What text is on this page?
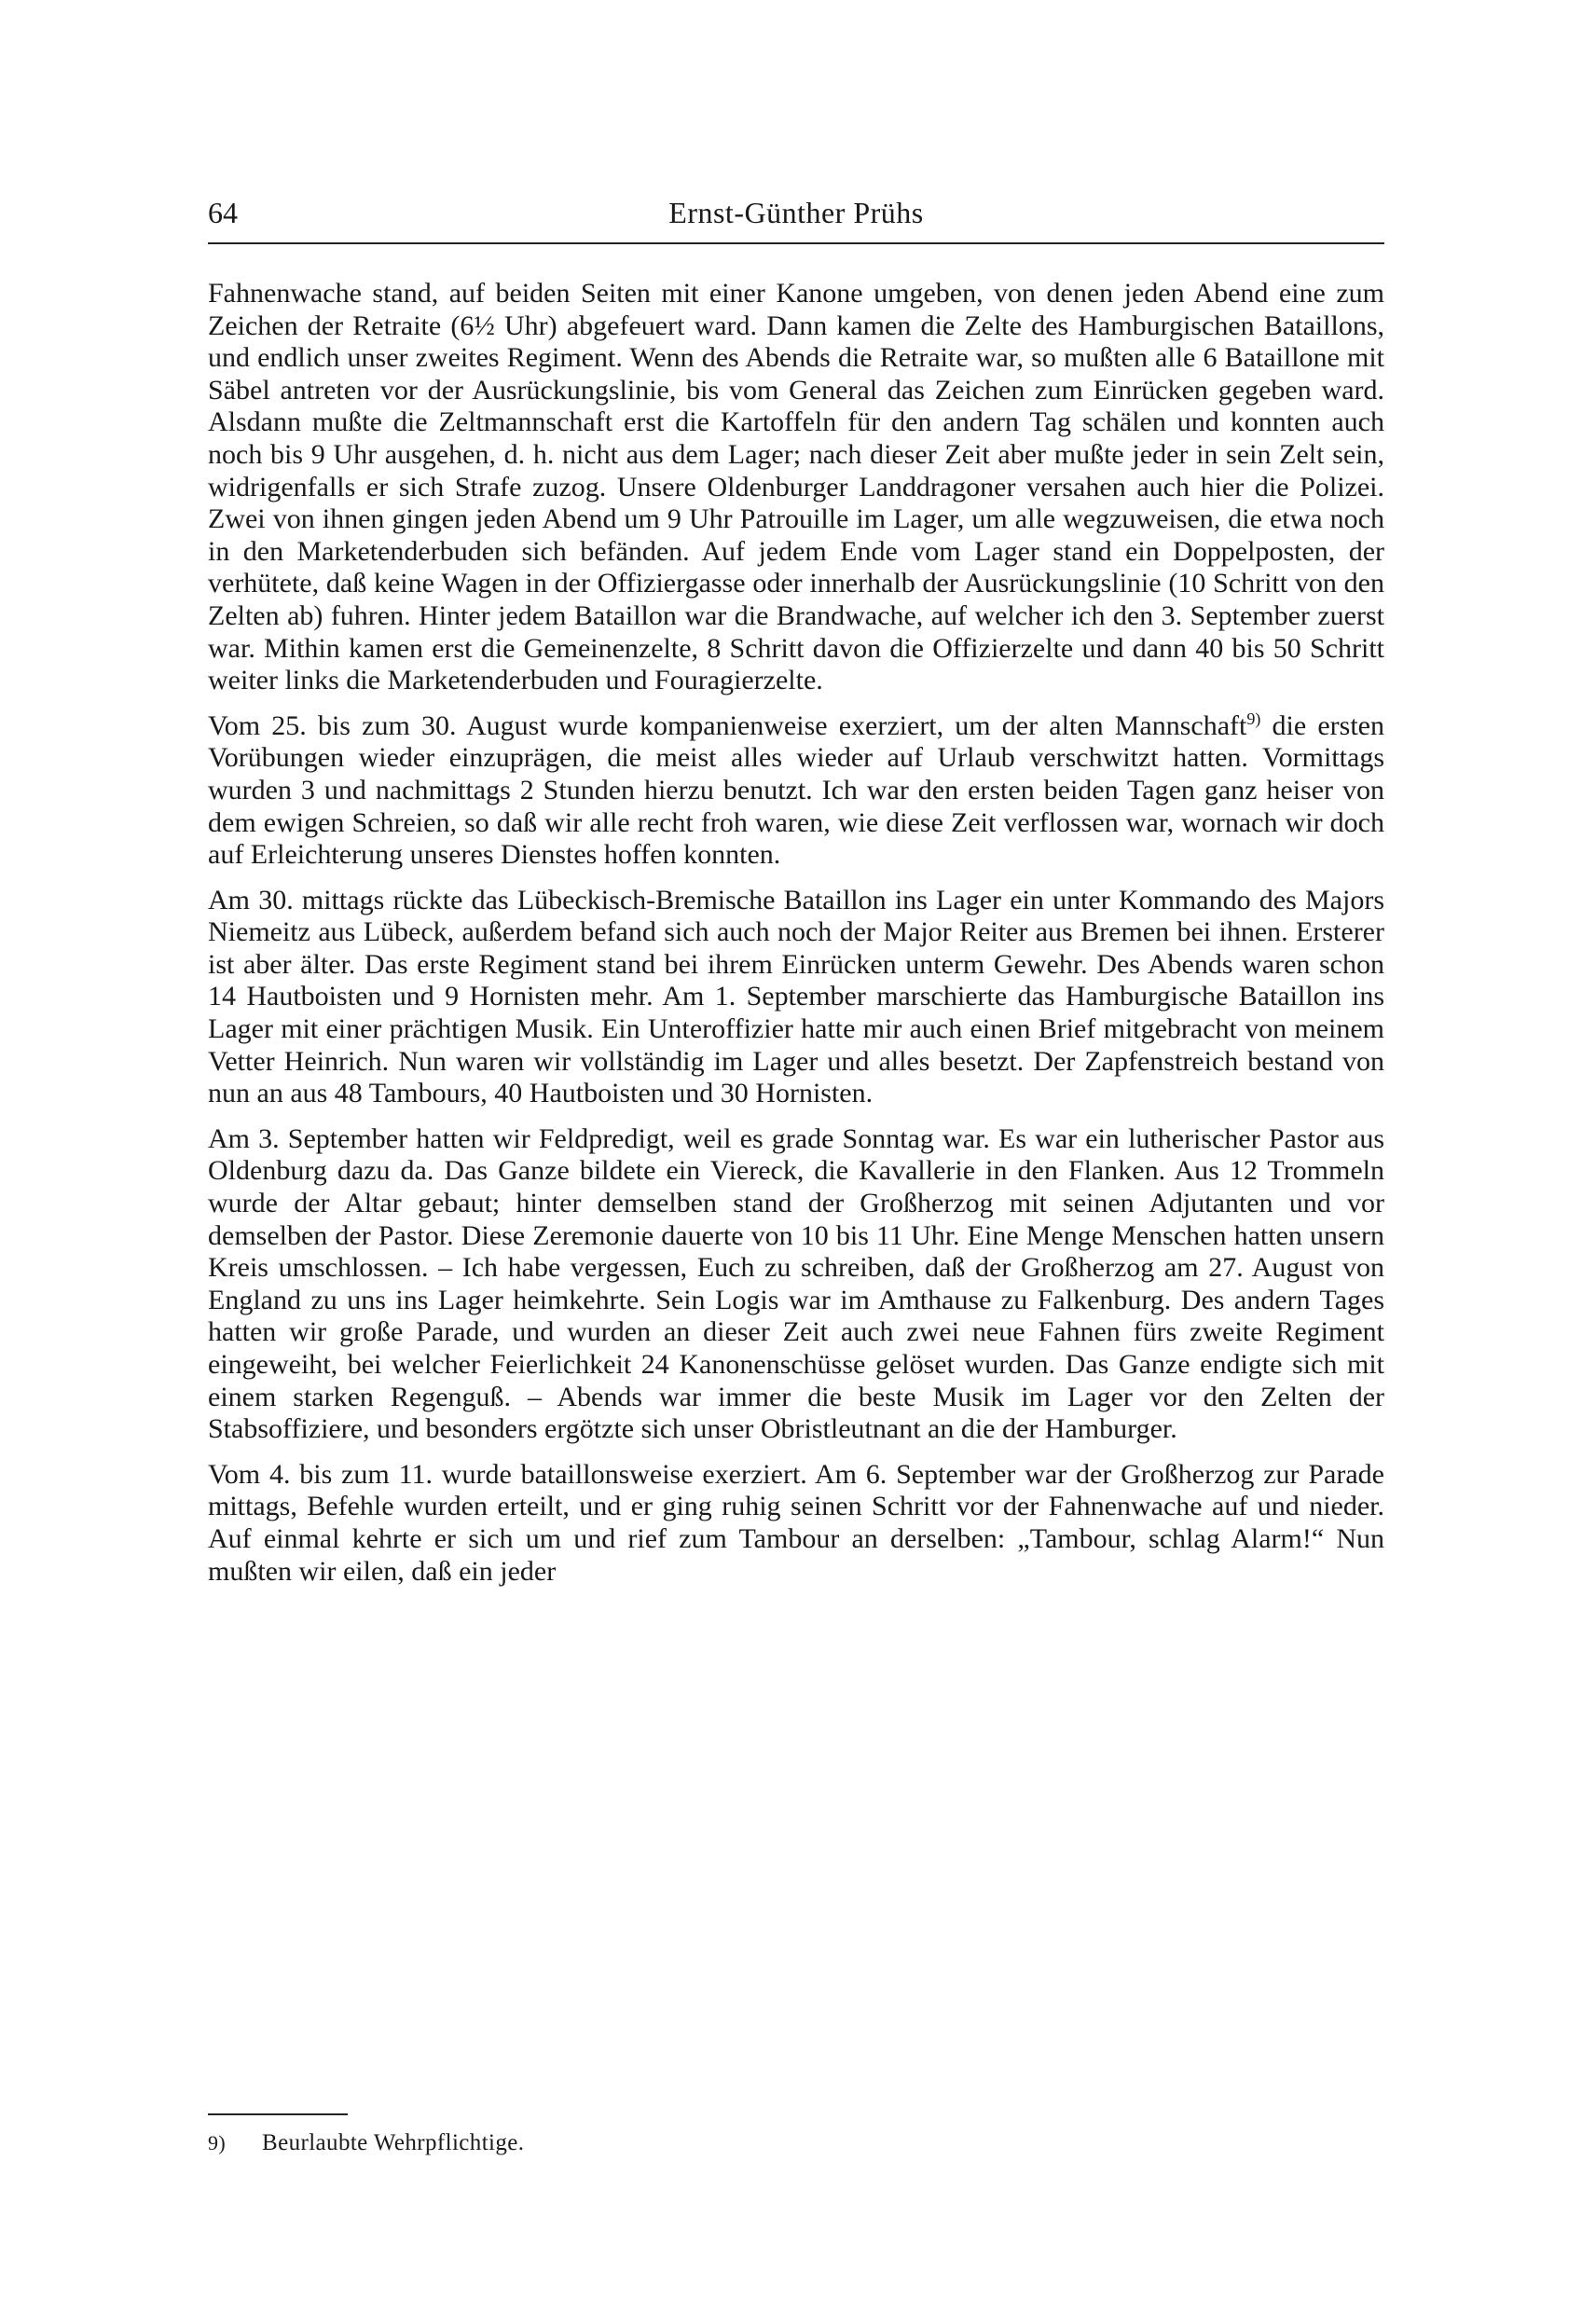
64	Ernst-Günther Prühs

Fahnenwache stand, auf beiden Seiten mit einer Kanone umgeben, von denen jeden Abend eine zum Zeichen der Retraite (6½ Uhr) abgefeuert ward. Dann kamen die Zelte des Hamburgischen Bataillons, und endlich unser zweites Regiment. Wenn des Abends die Retraite war, so mußten alle 6 Bataillone mit Säbel antreten vor der Ausrückungslinie, bis vom General das Zeichen zum Einrücken gegeben ward. Alsdann mußte die Zeltmannschaft erst die Kartoffeln für den andern Tag schälen und konnten auch noch bis 9 Uhr ausgehen, d. h. nicht aus dem Lager; nach dieser Zeit aber mußte jeder in sein Zelt sein, widrigenfalls er sich Strafe zuzog. Unsere Oldenburger Landdragoner versahen auch hier die Polizei. Zwei von ihnen gingen jeden Abend um 9 Uhr Patrouille im Lager, um alle wegzuweisen, die etwa noch in den Marketenderbuden sich befänden. Auf jedem Ende vom Lager stand ein Doppelposten, der verhütete, daß keine Wagen in der Offiziergasse oder innerhalb der Ausrückungslinie (10 Schritt von den Zelten ab) fuhren. Hinter jedem Bataillon war die Brandwache, auf welcher ich den 3. September zuerst war. Mithin kamen erst die Gemeinenzelte, 8 Schritt davon die Offizierzelte und dann 40 bis 50 Schritt weiter links die Marketenderbuden und Fouragierzelte.

Vom 25. bis zum 30. August wurde kompanienweise exerziert, um der alten Mannschaft$^{9)}$ die ersten Vorübungen wieder einzuprägen, die meist alles wieder auf Urlaub verschwitzt hatten. Vormittags wurden 3 und nachmittags 2 Stunden hierzu benutzt. Ich war den ersten beiden Tagen ganz heiser von dem ewigen Schreien, so daß wir alle recht froh waren, wie diese Zeit verflossen war, wornach wir doch auf Erleichterung unseres Dienstes hoffen konnten.

Am 30. mittags rückte das Lübeckisch-Bremische Bataillon ins Lager ein unter Kommando des Majors Niemeitz aus Lübeck, außerdem befand sich auch noch der Major Reiter aus Bremen bei ihnen. Ersterer ist aber älter. Das erste Regiment stand bei ihrem Einrücken unterm Gewehr. Des Abends waren schon 14 Hautboisten und 9 Hornisten mehr. Am 1. September marschierte das Hamburgische Bataillon ins Lager mit einer prächtigen Musik. Ein Unteroffizier hatte mir auch einen Brief mitgebracht von meinem Vetter Heinrich. Nun waren wir vollständig im Lager und alles besetzt. Der Zapfenstreich bestand von nun an aus 48 Tambours, 40 Hautboisten und 30 Hornisten.

Am 3. September hatten wir Feldpredigt, weil es grade Sonntag war. Es war ein lutherischer Pastor aus Oldenburg dazu da. Das Ganze bildete ein Viereck, die Kavallerie in den Flanken. Aus 12 Trommeln wurde der Altar gebaut; hinter demselben stand der Großherzog mit seinen Adjutanten und vor demselben der Pastor. Diese Zeremonie dauerte von 10 bis 11 Uhr. Eine Menge Menschen hatten unsern Kreis umschlossen. – Ich habe vergessen, Euch zu schreiben, daß der Großherzog am 27. August von England zu uns ins Lager heimkehrte. Sein Logis war im Amthause zu Falkenburg. Des andern Tages hatten wir große Parade, und wurden an dieser Zeit auch zwei neue Fahnen fürs zweite Regiment eingeweiht, bei welcher Feierlichkeit 24 Kanonenschüsse gelöset wurden. Das Ganze endigte sich mit einem starken Regenguß. – Abends war immer die beste Musik im Lager vor den Zelten der Stabsoffiziere, und besonders ergötzte sich unser Obristleutnant an die der Hamburger.

Vom 4. bis zum 11. wurde bataillonsweise exerziert. Am 6. September war der Großherzog zur Parade mittags, Befehle wurden erteilt, und er ging ruhig seinen Schritt vor der Fahnenwache auf und nieder. Auf einmal kehrte er sich um und rief zum Tambour an derselben: „Tambour, schlag Alarm!“ Nun mußten wir eilen, daß ein jeder

9) Beurlaubte Wehrpflichtige.
